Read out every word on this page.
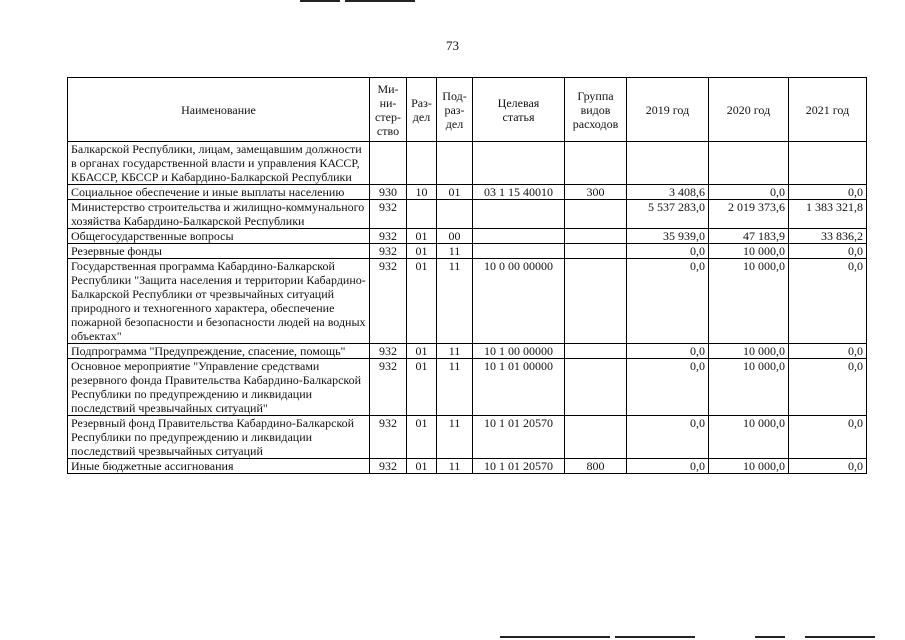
73
Наименование	Ми-
ни-
стер-
ство	Раз-
дел	Под-
раз-
дел	Целевая
статья	Группа
видов
расходов	2019 год	2020 год	2021 год
Балкарской Республики, лицам, замещавшим должности в органах государственной власти и управления КАССР, КБАССР, КБССР и Кабардино-Балкарской Республики								
Социальное обеспечение и иные выплаты населению	930	10	01	03 1 15 40010	300	3 408,6	0,0	0,0
Министерство строительства и жилищно-коммунального хозяйства Кабардино-Балкарской Республики	932					5 537 283,0	2 019 373,6	1 383 321,8
Общегосударственные вопросы	932	01	00			35 939,0	47 183,9	33 836,2
Резервные фонды	932	01	11			0,0	10 000,0	0,0
Государственная программа Кабардино-Балкарской Республики "Защита населения и территории Кабардино-Балкарской Республики от чрезвычайных ситуаций природного и техногенного характера, обеспечение пожарной безопасности и безопасности людей на водных объектах"	932	01	11	10 0 00 00000		0,0	10 000,0	0,0
Подпрограмма "Предупреждение, спасение, помощь"	932	01	11	10 1 00 00000		0,0	10 000,0	0,0
Основное мероприятие "Управление средствами резервного фонда Правительства Кабардино-Балкарской Республики по предупреждению и ликвидации последствий чрезвычайных ситуаций"	932	01	11	10 1 01 00000		0,0	10 000,0	0,0
Резервный фонд Правительства Кабардино-Балкарской Республики по предупреждению и ликвидации последствий чрезвычайных ситуаций	932	01	11	10 1 01 20570		0,0	10 000,0	0,0
Иные бюджетные ассигнования	932	01	11	10 1 01 20570	800	0,0	10 000,0	0,0
